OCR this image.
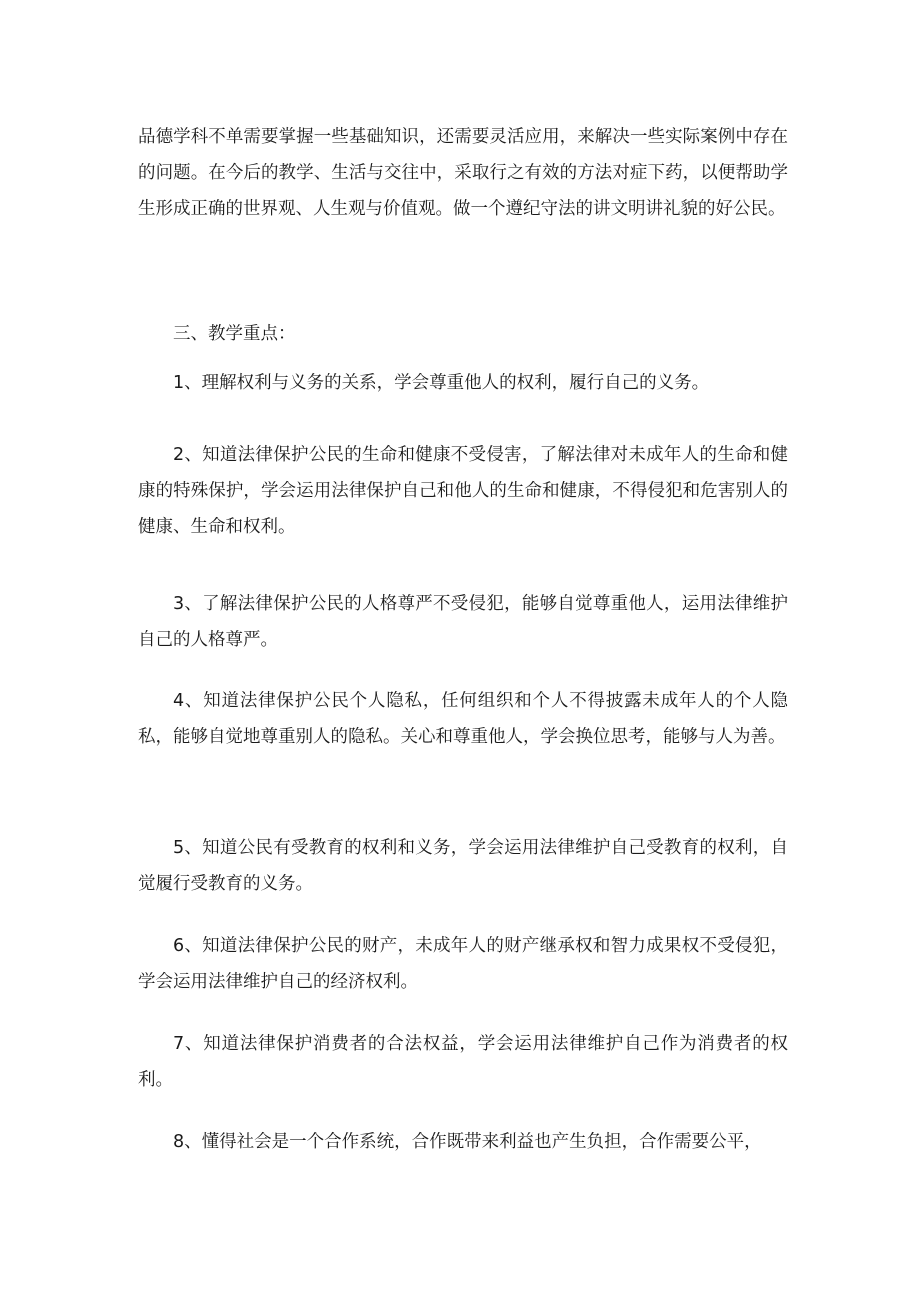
品德学科不单需要掌握一些基础知识，还需要灵活应用，来解决一些实际案例中存在的问题。在今后的教学、生活与交往中，采取行之有效的方法对症下药，以便帮助学生形成正确的世界观、人生观与价值观。做一个遵纪守法的讲文明讲礼貌的好公民。

三、教学重点：

1、理解权利与义务的关系，学会尊重他人的权利，履行自己的义务。

2、知道法律保护公民的生命和健康不受侵害，了解法律对未成年人的生命和健康的特殊保护，学会运用法律保护自己和他人的生命和健康，不得侵犯和危害别人的健康、生命和权利。

3、了解法律保护公民的人格尊严不受侵犯，能够自觉尊重他人，运用法律维护自己的人格尊严。

4、知道法律保护公民个人隐私，任何组织和个人不得披露未成年人的个人隐私，能够自觉地尊重别人的隐私。关心和尊重他人，学会换位思考，能够与人为善。

5、知道公民有受教育的权利和义务，学会运用法律维护自己受教育的权利，自觉履行受教育的义务。

6、知道法律保护公民的财产，未成年人的财产继承权和智力成果权不受侵犯，学会运用法律维护自己的经济权利。

7、知道法律保护消费者的合法权益，学会运用法律维护自己作为消费者的权利。

8、懂得社会是一个合作系统，合作既带来利益也产生负担，合作需要公平，
